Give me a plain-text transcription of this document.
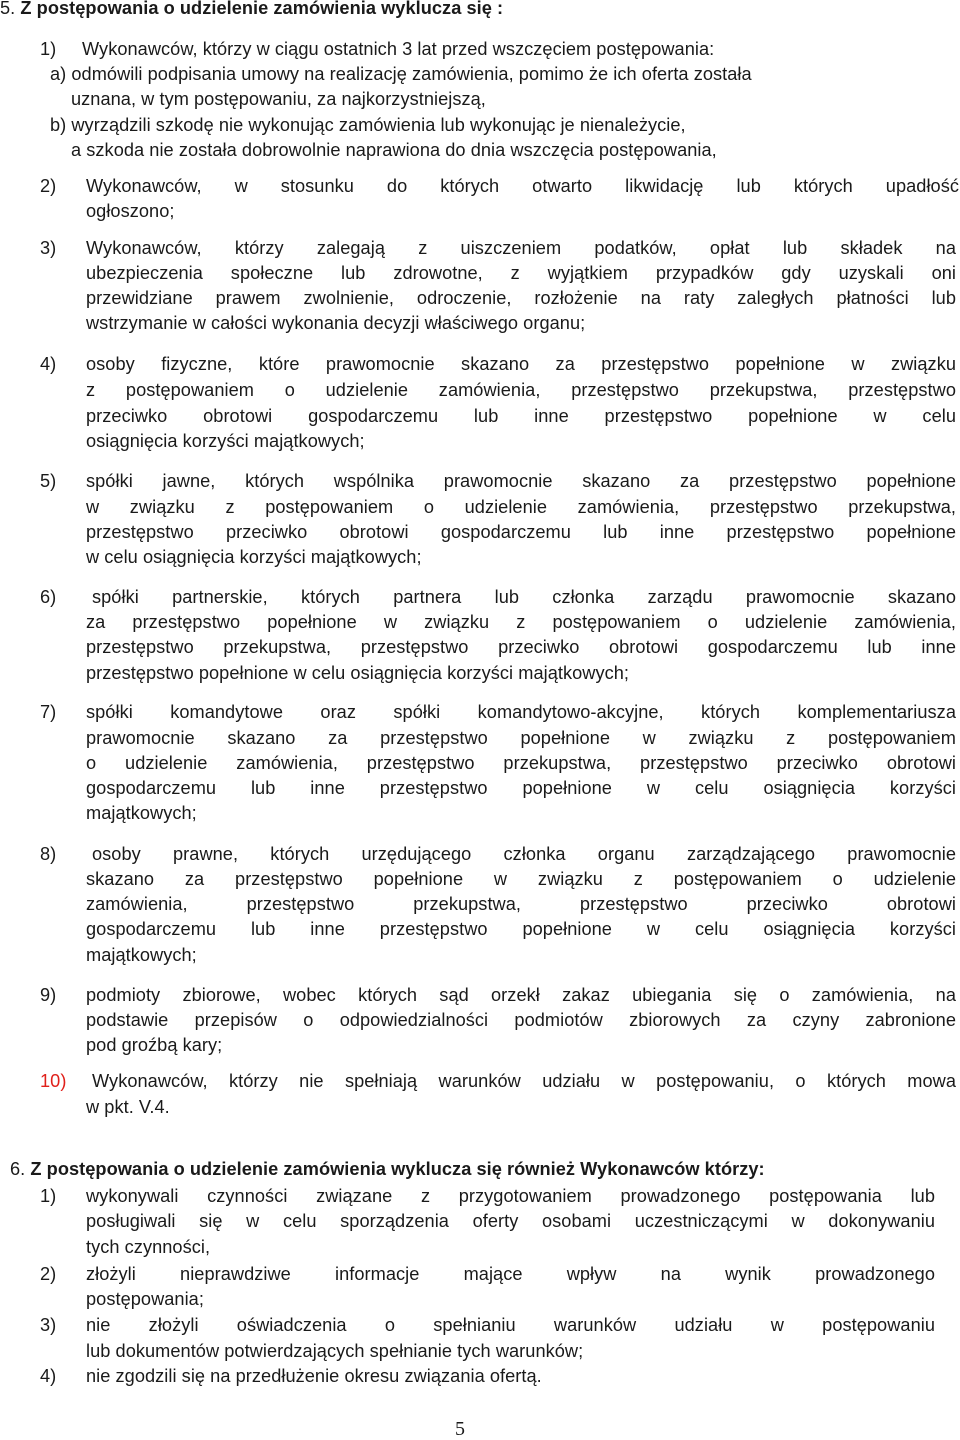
5. Z postępowania o udzielenie zamówienia wyklucza się :
1) Wykonawców, którzy w ciągu ostatnich 3 lat przed wszczęciem postępowania:
a) odmówili podpisania umowy na realizację zamówienia, pomimo że ich oferta została
uznana, w tym postępowaniu, za najkorzystniejszą,
b) wyrządzili szkodę nie wykonując zamówienia lub wykonując je nienależycie,
a szkoda nie została dobrowolnie naprawiona do dnia wszczęcia postępowania,
2) Wykonawców, w stosunku do których otwarto likwidację lub których upadłość
ogłoszono;
3) Wykonawców, którzy zalegają z uiszczeniem podatków, opłat lub składek na
ubezpieczenia społeczne lub zdrowotne, z wyjątkiem przypadków gdy uzyskali oni
przewidziane prawem zwolnienie, odroczenie, rozłożenie na raty zaległych płatności lub
wstrzymanie w całości wykonania decyzji właściwego organu;
4) osoby fizyczne, które prawomocnie skazano za przestępstwo popełnione w związku
z postępowaniem o udzielenie zamówienia, przestępstwo przekupstwa, przestępstwo
przeciwko obrotowi gospodarczemu lub inne przestępstwo popełnione w celu
osiągnięcia korzyści majątkowych;
5) spółki jawne, których wspólnika prawomocnie skazano za przestępstwo popełnione
w związku z postępowaniem o udzielenie zamówienia, przestępstwo przekupstwa,
przestępstwo przeciwko obrotowi gospodarczemu lub inne przestępstwo popełnione
w celu osiągnięcia korzyści majątkowych;
6) spółki partnerskie, których partnera lub członka zarządu prawomocnie skazano
za przestępstwo popełnione w związku z postępowaniem o udzielenie zamówienia,
przestępstwo przekupstwa, przestępstwo przeciwko obrotowi gospodarczemu lub inne
przestępstwo popełnione w celu osiągnięcia korzyści majątkowych;
7) spółki komandytowe oraz spółki komandytowo-akcyjne, których komplementariusza
prawomocnie skazano za przestępstwo popełnione w związku z postępowaniem
o udzielenie zamówienia, przestępstwo przekupstwa, przestępstwo przeciwko obrotowi
gospodarczemu lub inne przestępstwo popełnione w celu osiągnięcia korzyści
majątkowych;
8) osoby prawne, których urzędującego członka organu zarządzającego prawomocnie
skazano za przestępstwo popełnione w związku z postępowaniem o udzielenie
zamówienia, przestępstwo przekupstwa, przestępstwo przeciwko obrotowi
gospodarczemu lub inne przestępstwo popełnione w celu osiągnięcia korzyści
majątkowych;
9) podmioty zbiorowe, wobec których sąd orzekł zakaz ubiegania się o zamówienia, na
podstawie przepisów o odpowiedzialności podmiotów zbiorowych za czyny zabronione
pod groźbą kary;
10) Wykonawców, którzy nie spełniają warunków udziału w postępowaniu, o których mowa
w pkt. V.4.
6. Z postępowania o udzielenie zamówienia wyklucza się również Wykonawców którzy:
1) wykonywali czynności związane z przygotowaniem prowadzonego postępowania lub
posługiwali się w celu sporządzenia oferty osobami uczestniczącymi w dokonywaniu
tych czynności,
2) złożyli nieprawdziwe informacje mające wpływ na wynik prowadzonego
postępowania;
3) nie złożyli oświadczenia o spełnianiu warunków udziału w postępowaniu
lub dokumentów potwierdzających spełnianie tych warunków;
4) nie zgodzili się na przedłużenie okresu związania ofertą.
5
